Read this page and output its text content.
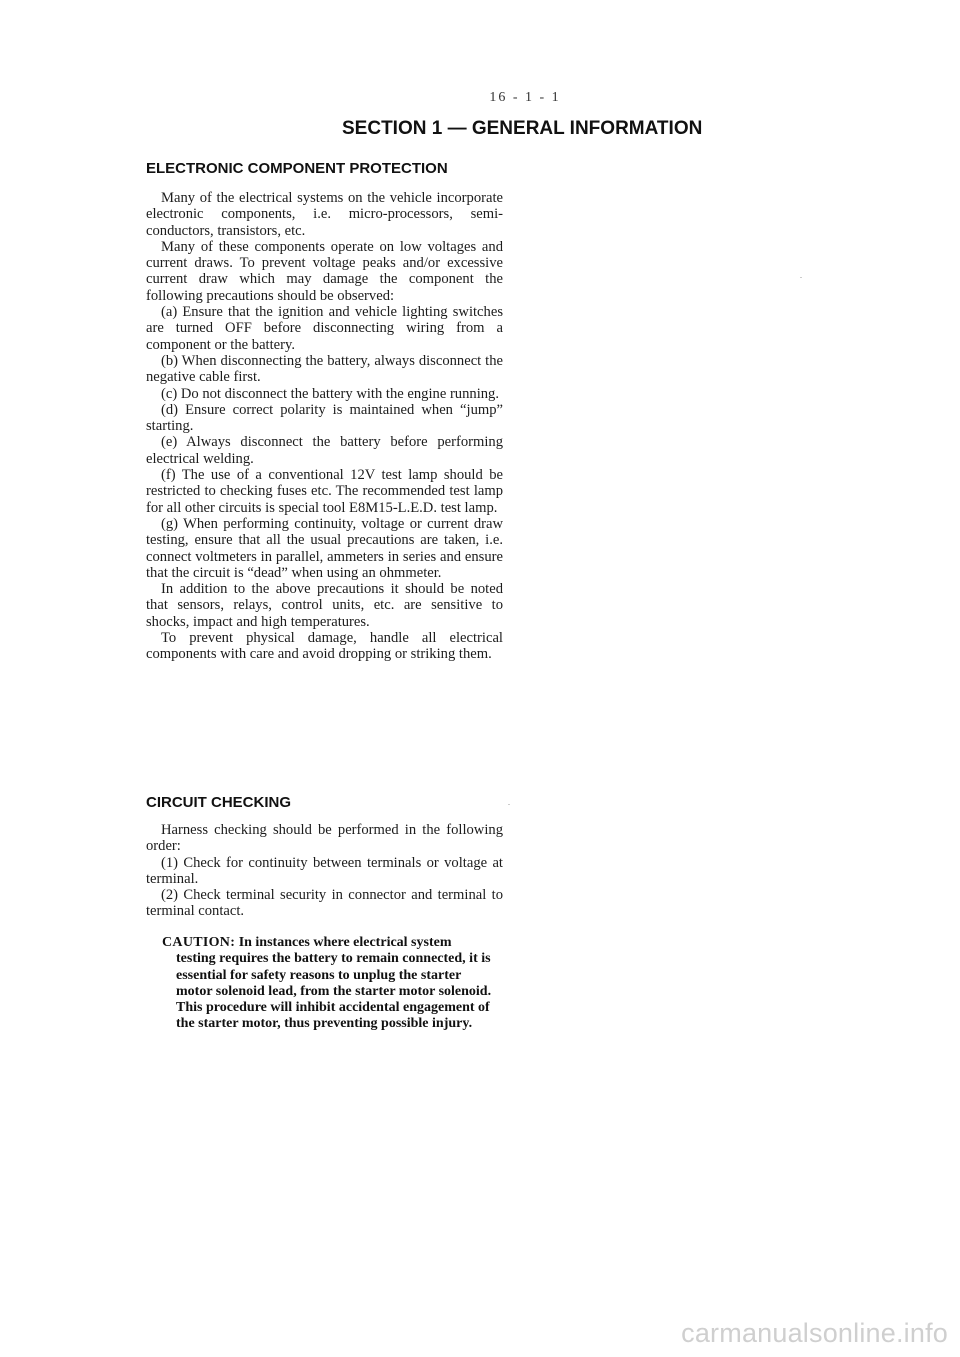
16 - 1 - 1
SECTION 1 — GENERAL INFORMATION
ELECTRONIC COMPONENT PROTECTION

Many of the electrical systems on the vehicle incorporate electronic components, i.e. micro-processors, semi-conductors, transistors, etc.

Many of these components operate on low voltages and current draws. To prevent voltage peaks and/or excessive current draw which may damage the component the following precautions should be observed:

(a) Ensure that the ignition and vehicle lighting switches are turned OFF before disconnecting wiring from a component or the battery.

(b) When disconnecting the battery, always disconnect the negative cable first.

(c) Do not disconnect the battery with the engine running.

(d) Ensure correct polarity is maintained when “jump” starting.

(e) Always disconnect the battery before performing electrical welding.

(f) The use of a conventional 12V test lamp should be restricted to checking fuses etc. The recommended test lamp for all other circuits is special tool E8M15-L.E.D. test lamp.

(g) When performing continuity, voltage or current draw testing, ensure that all the usual precautions are taken, i.e. connect voltmeters in parallel, ammeters in series and ensure that the circuit is “dead” when using an ohmmeter.

In addition to the above precautions it should be noted that sensors, relays, control units, etc. are sensitive to shocks, impact and high temperatures.

To prevent physical damage, handle all electrical components with care and avoid dropping or striking them.

CIRCUIT CHECKING

Harness checking should be performed in the following order:

(1) Check for continuity between terminals or voltage at terminal.

(2) Check terminal security in connector and terminal to terminal contact.

CAUTION: In instances where electrical system testing requires the battery to remain connected, it is essential for safety reasons to unplug the starter motor solenoid lead, from the starter motor solenoid. This procedure will inhibit accidental engagement of the starter motor, thus preventing possible injury.

carmanualsonline.info
